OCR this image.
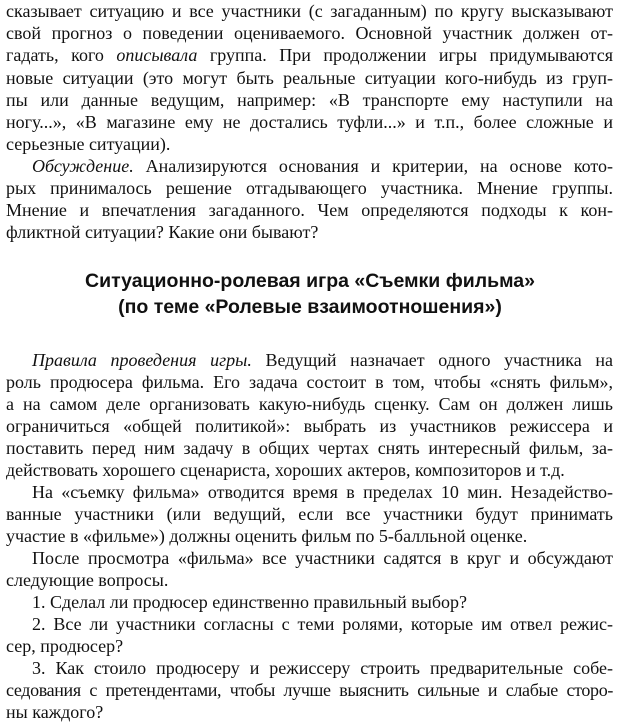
Ситуационно-ролевая игра «Съемки фильма»
(по теме «Ролевые взаимоотношения»)
сказывает ситуацию и все участники (с загаданным) по кругу высказывают
свой прогноз о поведении оцениваемого. Основной участник должен от-
гадать, кого описывала группа. При продолжении игры придумываются
новые ситуации (это могут быть реальные ситуации кого-нибудь из груп-
пы или данные ведущим, например: «В транспорте ему наступили на
ногу...», «В магазине ему не достались туфли...» и т.п., более сложные и
серьезные ситуации).
Обсуждение. Анализируются основания и критерии, на основе кото-
рых принималось решение отгадывающего участника. Мнение группы.
Мнение и впечатления загаданного. Чем определяются подходы к кон-
фликтной ситуации? Какие они бывают?
Правила проведения игры. Ведущий назначает одного участника на
роль продюсера фильма. Его задача состоит в том, чтобы «снять фильм»,
а на самом деле организовать какую-нибудь сценку. Сам он должен лишь
ограничиться «общей политикой»: выбрать из участников режиссера и
поставить перед ним задачу в общих чертах снять интересный фильм, за-
действовать хорошего сценариста, хороших актеров, композиторов и т.д.
На «съемку фильма» отводится время в пределах 10 мин. Незадейство-
ванные участники (или ведущий, если все участники будут принимать
участие в «фильме») должны оценить фильм по 5-балльной оценке.
После просмотра «фильма» все участники садятся в круг и обсуждают
следующие вопросы.
1. Сделал ли продюсер единственно правильный выбор?
2. Все ли участники согласны с теми ролями, которые им отвел режис-
сер, продюсер?
3. Как стоило продюсеру и режиссеру строить предварительные собе-
седования с претендентами, чтобы лучше выяснить сильные и слабые сторо-
ны каждого?
